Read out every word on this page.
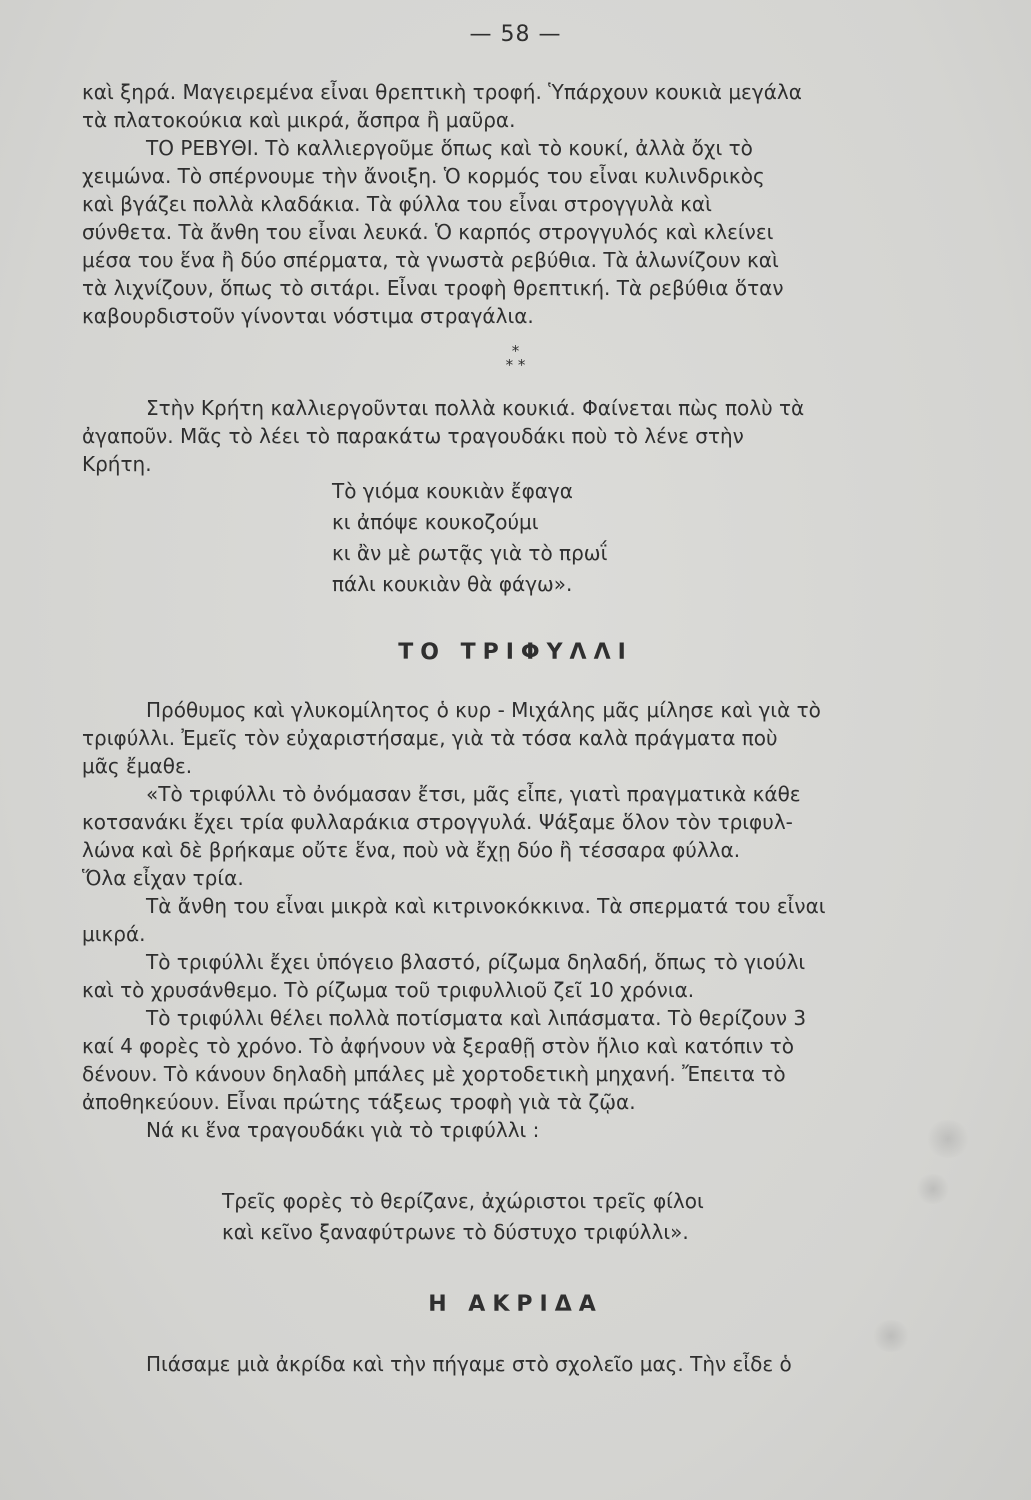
— 58 —

καὶ ξηρά. Μαγειρεμένα εἶναι θρεπτικὴ τροφή. Ὑπάρχουν κουκιὰ μεγάλα

τὰ πλατοκούκια καὶ μικρά, ἄσπρα ἢ μαῦρα.

ΤΟ ΡΕΒΥΘΙ. Τὸ καλλιεργοῦμε ὅπως καὶ τὸ κουκί, ἀλλὰ ὄχι τὸ

χειμώνα. Τὸ σπέρνουμε τὴν ἄνοιξη. Ὁ κορμός του εἶναι κυλινδρικὸς

καὶ βγάζει πολλὰ κλαδάκια. Τὰ φύλλα του εἶναι στρογγυλὰ καὶ

σύνθετα. Τὰ ἄνθη του εἶναι λευκά. Ὁ καρπός στρογγυλός καὶ κλείνει

μέσα του ἕνα ἢ δύο σπέρματα, τὰ γνωστὰ ρεβύθια. Τὰ ἁλωνίζουν καὶ

τὰ λιχνίζουν, ὅπως τὸ σιτάρι. Εἶναι τροφὴ θρεπτική. Τὰ ρεβύθια ὅταν

καβουρδιστοῦν γίνονται νόστιμα στραγάλια.

*
* *

Στὴν Κρήτη καλλιεργοῦνται πολλὰ κουκιά. Φαίνεται πὼς πολὺ τὰ

ἀγαποῦν. Μᾶς τὸ λέει τὸ παρακάτω τραγουδάκι ποὺ τὸ λένε στὴν

Κρήτη.

Τὸ γιόμα κουκιὰν ἔφαγα
κι ἀπόψε κουκοζούμι
κι ἂν μὲ ρωτᾷς γιὰ τὸ πρωΐ
πάλι κουκιὰν θὰ φάγω».
ΤΟ ΤΡΙΦΥΛΛΙ

Πρόθυμος καὶ γλυκομίλητος ὁ κυρ - Μιχάλης μᾶς μίλησε καὶ γιὰ τὸ

τριφύλλι. Ἐμεῖς τὸν εὐχαριστήσαμε, γιὰ τὰ τόσα καλὰ πράγματα ποὺ

μᾶς ἔμαθε.

«Τὸ τριφύλλι τὸ ὀνόμασαν ἔτσι, μᾶς εἶπε, γιατὶ πραγματικὰ κάθε

κοτσανάκι ἔχει τρία φυλλαράκια στρογγυλά. Ψάξαμε ὅλον τὸν τριφυλ-

λώνα καὶ δὲ βρήκαμε οὔτε ἕνα, ποὺ νὰ ἔχῃ δύο ἢ τέσσαρα φύλλα.

Ὅλα εἶχαν τρία.

Τὰ ἄνθη του εἶναι μικρὰ καὶ κιτρινοκόκκινα. Τὰ σπερματά του εἶναι

μικρά.

Τὸ τριφύλλι ἔχει ὑπόγειο βλαστό, ρίζωμα δηλαδή, ὅπως τὸ γιούλι

καὶ τὸ χρυσάνθεμο. Τὸ ρίζωμα τοῦ τριφυλλιοῦ ζεῖ 10 χρόνια.

Τὸ τριφύλλι θέλει πολλὰ ποτίσματα καὶ λιπάσματα. Τὸ θερίζουν 3

καί 4 φορὲς τὸ χρόνο. Τὸ ἀφήνουν νὰ ξεραθῇ στὸν ἥλιο καὶ κατόπιν τὸ

δένουν. Τὸ κάνουν δηλαδὴ μπάλες μὲ χορτοδετικὴ μηχανή. Ἔπειτα τὸ

ἀποθηκεύουν. Εἶναι πρώτης τάξεως τροφὴ γιὰ τὰ ζῷα.

Νά κι ἕνα τραγουδάκι γιὰ τὸ τριφύλλι :

Τρεῖς φορὲς τὸ θερίζανε, ἀχώριστοι τρεῖς φίλοι
καὶ κεῖνο ξαναφύτρωνε τὸ δύστυχο τριφύλλι».
Η ΑΚΡΙΔΑ

Πιάσαμε μιὰ ἀκρίδα καὶ τὴν πήγαμε στὸ σχολεῖο μας. Τὴν εἶδε ὁ
